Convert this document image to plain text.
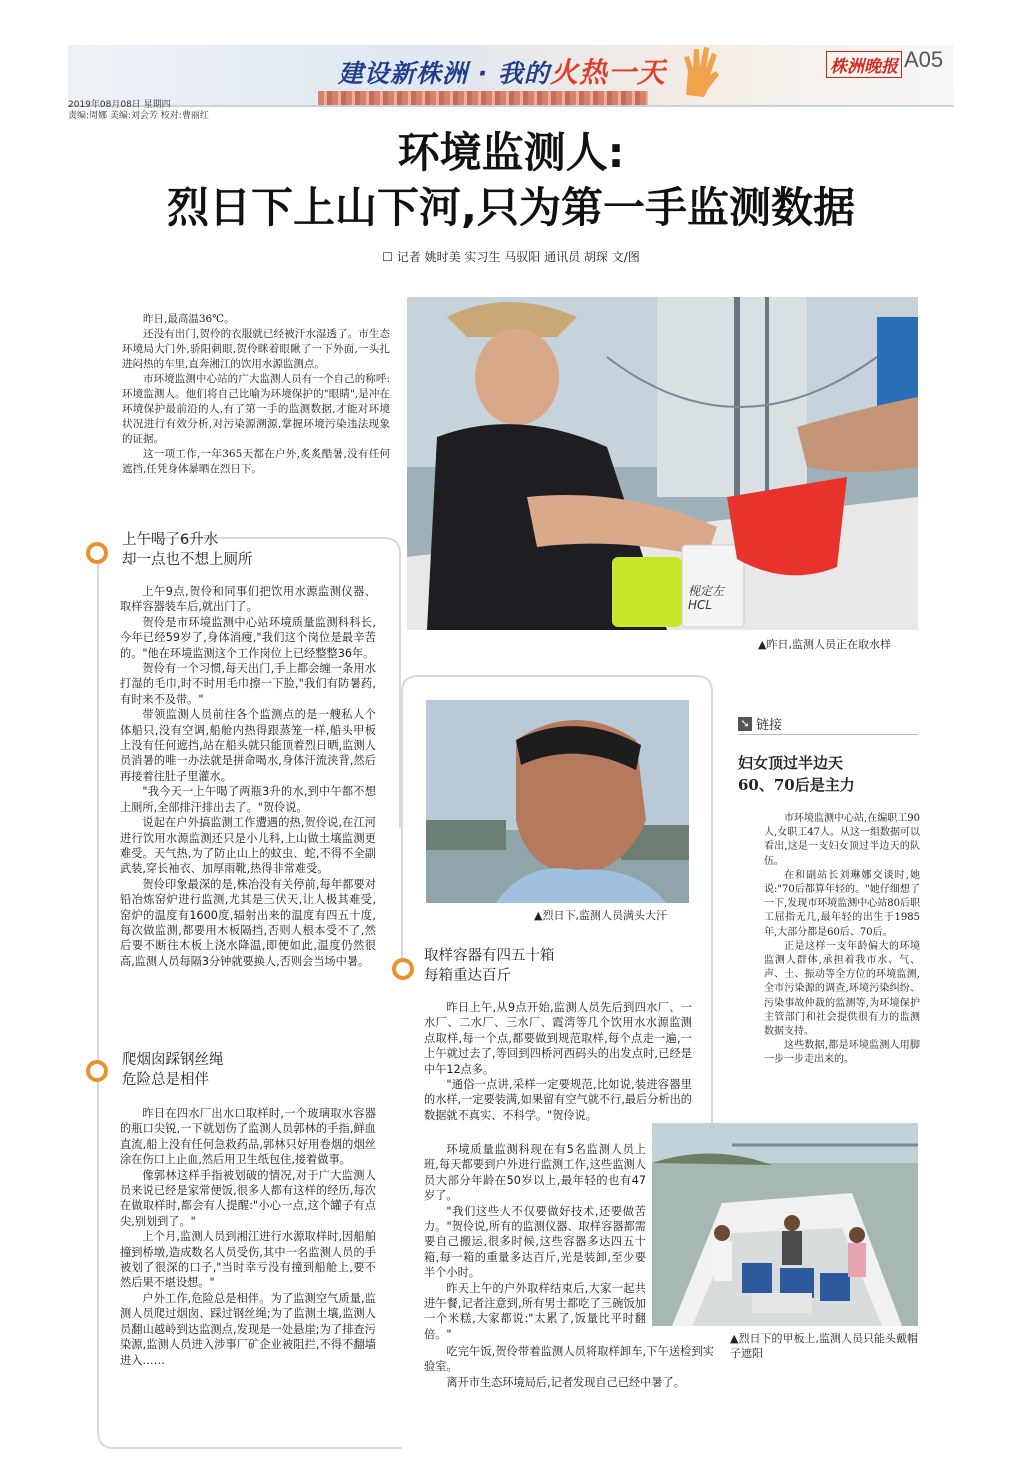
建设新株洲 · 我的火热一天	株洲晚报 A05
2019年08月08日 星期四
责编:周娜 美编:刘会芳 校对:曹丽红
环境监测人:
烈日下上山下河,只为第一手监测数据
☐ 记者 姚时美 实习生 马驭阳 通讯员 胡琛 文/图

昨日,最高温36℃。

还没有出门,贺伶的衣服就已经被汗水湿透了。市生态环境局大门外,骄阳刺眼,贺伶眯着眼瞅了一下外面,一头扎进闷热的车里,直奔湘江的饮用水源监测点。

市环境监测中心站的广大监测人员有一个自己的称呼:环境监测人。他们将自己比喻为环境保护的"眼睛",是冲在环境保护最前沿的人,有了第一手的监测数据,才能对环境状况进行有效分析,对污染源溯源,掌握环境污染违法现象的证据。

这一项工作,一年365天都在户外,炙炙酷暑,没有任何遮挡,任凭身体暴晒在烈日下。

上午喝了6升水
却一点也不想上厕所

上午9点,贺伶和同事们把饮用水源监测仪器、取样容器装车后,就出门了。

贺伶是市环境监测中心站环境质量监测科科长,今年已经59岁了,身体消瘦,"我们这个岗位是最辛苦的。"他在环境监测这个工作岗位上已经整整36年。

贺伶有一个习惯,每天出门,手上都会缠一条用水打湿的毛巾,时不时用毛巾擦一下脸,"我们有防暑药,有时来不及带。"

带领监测人员前往各个监测点的是一艘私人个体船只,没有空调,船舱内热得跟蒸笼一样,船头甲板上没有任何遮挡,站在船头就只能顶着烈日晒,监测人员消暑的唯一办法就是拼命喝水,身体汗流浃背,然后再接着往肚子里灌水。

"我今天一上午喝了两瓶3升的水,到中午都不想上厕所,全部排汗排出去了。"贺伶说。

说起在户外搞监测工作遭遇的热,贺伶说,在江河进行饮用水源监测还只是小儿科,上山做土壤监测更难受。天气热,为了防止山上的蚊虫、蛇,不得不全副武装,穿长袖衣、加厚雨靴,热得非常难受。

贺伶印象最深的是,株冶没有关停前,每年都要对铅冶炼窑炉进行监测,尤其是三伏天,让人极其难受,窑炉的温度有1600度,辐射出来的温度有四五十度,每次做监测,都要用木板隔挡,否则人根本受不了,然后要不断往木板上浇水降温,即便如此,温度仍然很高,监测人员每隔3分钟就要换人,否则会当场中暑。

爬烟囱踩钢丝绳
危险总是相伴

昨日在四水厂出水口取样时,一个玻璃取水容器的瓶口尖锐,一下就划伤了监测人员郭林的手指,鲜血直流,船上没有任何急救药品,郭林只好用卷烟的烟丝涂在伤口上止血,然后用卫生纸包住,接着做事。

像郭林这样手指被划破的情况,对于广大监测人员来说已经是家常便饭,很多人都有这样的经历,每次在做取样时,都会有人提醒:"小心一点,这个罐子有点尖,别划到了。"

上个月,监测人员到湘江进行水源取样时,因船舶撞到桥墩,造成数名人员受伤,其中一名监测人员的手被划了很深的口子,"当时幸亏没有撞到船舱上,要不然后果不堪设想。"

户外工作,危险总是相伴。为了监测空气质量,监测人员爬过烟囱、踩过钢丝绳;为了监测土壤,监测人员翻山越岭到达监测点,发现是一处悬崖;为了排查污染源,监测人员进入涉事厂矿企业被阻拦,不得不翻墙进入……

枧定左
HCL
▲昨日,监测人员正在取水样
▲烈日下,监测人员满头大汗
取样容器有四五十箱
每箱重达百斤

昨日上午,从9点开始,监测人员先后到四水厂、一水厂、二水厂、三水厂、霞湾等几个饮用水水源监测点取样,每一个点,都要做到规范取样,每个点走一遍,一上午就过去了,等回到四桥河西码头的出发点时,已经是中午12点多。

"通俗一点讲,采样一定要规范,比如说,装进容器里的水样,一定要装满,如果留有空气就不行,最后分析出的数据就不真实、不科学。"贺伶说。

环境质量监测科现在有5名监测人员上班,每天都要到户外进行监测工作,这些监测人员大部分年龄在50岁以上,最年轻的也有47岁了。

"我们这些人不仅要做好技术,还要做苦力。"贺伶说,所有的监测仪器、取样容器都需要自己搬运,很多时候,这些容器多达四五十箱,每一箱的重量多达百斤,光是装卸,至少要半个小时。

昨天上午的户外取样结束后,大家一起共进午餐,记者注意到,所有男士都吃了三碗饭加一个米糕,大家都说:"太累了,饭量比平时翻倍。"

吃完午饭,贺伶带着监测人员将取样卸车,下午送检到实验室。

离开市生态环境局后,记者发现自己已经中暑了。

▲烈日下的甲板上,监测人员只能头戴帽子遮阳
➘ 链接
妇女顶过半边天
60、70后是主力

市环境监测中心站,在编职工90人,女职工47人。从这一组数据可以看出,这是一支妇女顶过半边天的队伍。

在和副站长刘琳娜交谈时,她说:"70后都算年轻的。"她仔细想了一下,发现市环境监测中心站80后职工屈指无几,最年轻的出生于1985年,大部分都是60后、70后。

正是这样一支年龄偏大的环境监测人群体,承担着我市水、气、声、土、振动等全方位的环境监测,全市污染源的调查,环境污染纠纷、污染事故仲裁的监测等,为环境保护主管部门和社会提供很有力的监测数据支持。

这些数据,都是环境监测人用脚一步一步走出来的。
